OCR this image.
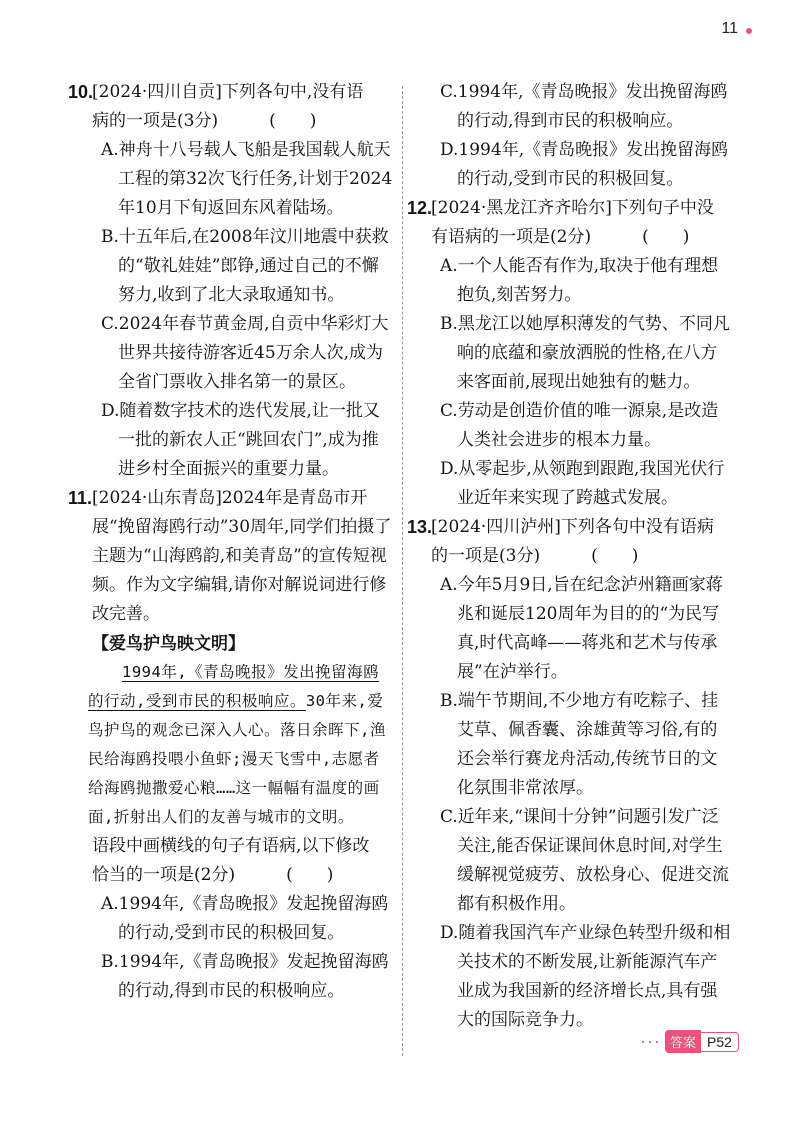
11
10.

[2024·四川自贡]下列各句中,没有语

病的一项是(3分)　　　(　　)

A.神舟十八号载人飞船是我国载人航天工程的第32次飞行任务,计划于2024年10月下旬返回东风着陆场。

B.十五年后,在2008年汶川地震中获救的“敬礼娃娃”郎铮,通过自己的不懈努力,收到了北大录取通知书。

C.2024年春节黄金周,自贡中华彩灯大世界共接待游客近45万余人次,成为全省门票收入排名第一的景区。

D.随着数字技术的迭代发展,让一批又一批的新农人正“跳回农门”,成为推进乡村全面振兴的重要力量。

11. [2024·山东青岛]2024年是青岛市开展“挽留海鸥行动”30周年,同学们拍摄了主题为“山海鸥韵,和美青岛”的宣传短视频。作为文字编辑,请你对解说词进行修改完善。

【爱鸟护鸟映文明】

1994年,《青岛晚报》发出挽留海鸥的行动,受到市民的积极响应。30年来,爱鸟护鸟的观念已深入人心。落日余晖下,渔民给海鸥投喂小鱼虾;漫天飞雪中,志愿者给海鸥抛撒爱心粮……这一幅幅有温度的画面,折射出人们的友善与城市的文明。

语段中画横线的句子有语病,以下修改

恰当的一项是(2分)　　　(　　)

A.1994年,《青岛晚报》发起挽留海鸥的行动,受到市民的积极回复。

B.1994年,《青岛晚报》发起挽留海鸥的行动,得到市民的积极响应。

C.1994年,《青岛晚报》发出挽留海鸥的行动,得到市民的积极响应。

D.1994年,《青岛晚报》发出挽留海鸥的行动,受到市民的积极回复。

12.

[2024·黑龙江齐齐哈尔]下列句子中没

有语病的一项是(2分)　　　(　　)

A.一个人能否有作为,取决于他有理想抱负,刻苦努力。

B.黑龙江以她厚积薄发的气势、不同凡响的底蕴和豪放洒脱的性格,在八方来客面前,展现出她独有的魅力。

C.劳动是创造价值的唯一源泉,是改造人类社会进步的根本力量。

D.从零起步,从领跑到跟跑,我国光伏行业近年来实现了跨越式发展。

13.

[2024·四川泸州]下列各句中没有语病

的一项是(3分)　　　(　　)

A.今年5月9日,旨在纪念泸州籍画家蒋兆和诞辰120周年为目的的“为民写真,时代高峰——蒋兆和艺术与传承展”在泸举行。

B.端午节期间,不少地方有吃粽子、挂艾草、佩香囊、涂雄黄等习俗,有的还会举行赛龙舟活动,传统节日的文化氛围非常浓厚。

C.近年来,“课间十分钟”问题引发广泛关注,能否保证课间休息时间,对学生缓解视觉疲劳、放松身心、促进交流都有积极作用。

D.随着我国汽车产业绿色转型升级和相关技术的不断发展,让新能源汽车产业成为我国新的经济增长点,具有强大的国际竞争力。

··· 答案 P52
